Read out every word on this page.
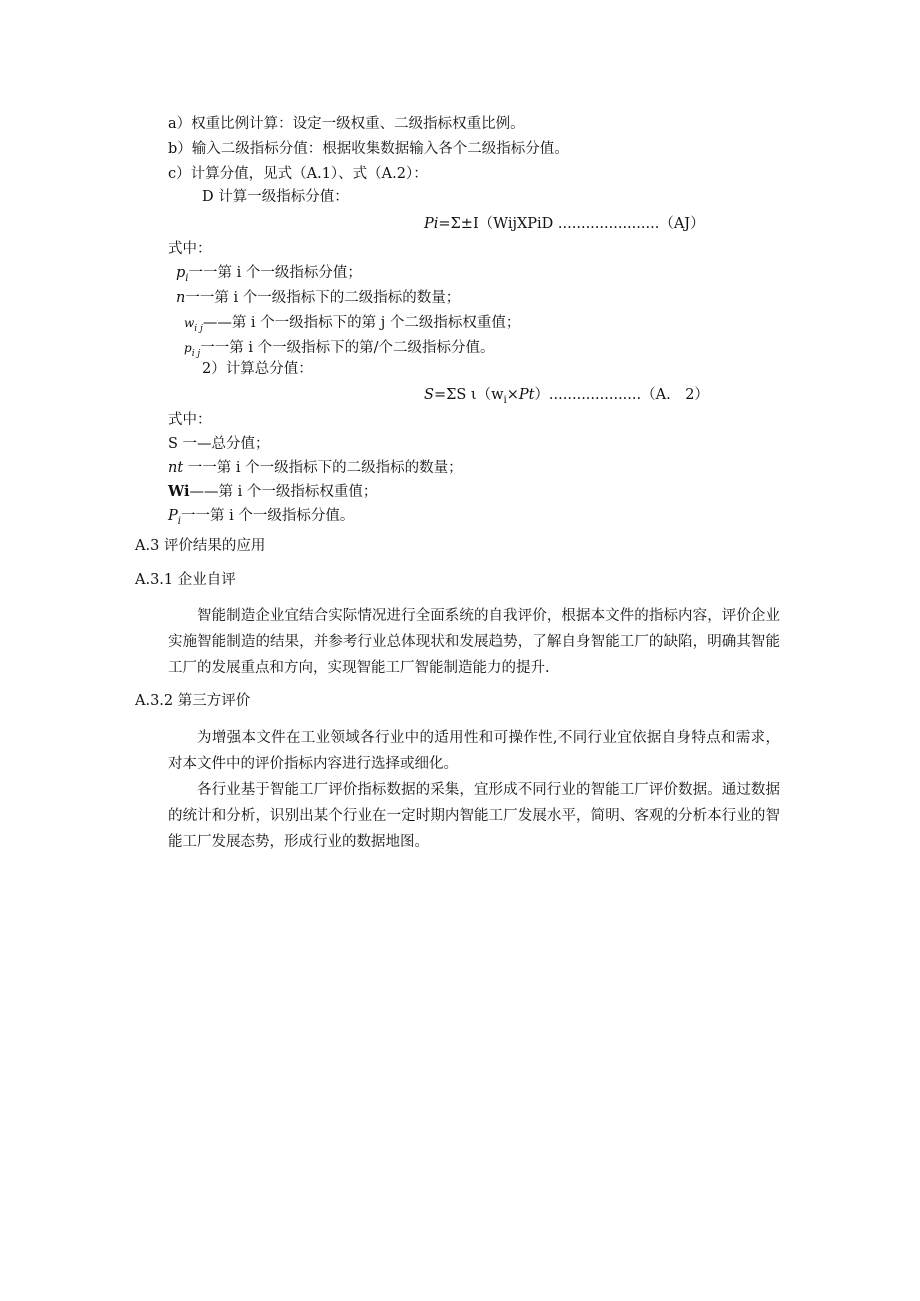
a）权重比例计算：设定一级权重、二级指标权重比例。
b）输入二级指标分值：根据收集数据输入各个二级指标分值。
c）计算分值，见式（A.1）、式（A.2）：
D 计算一级指标分值：
Pi=Σ±I（WijXPiD ......................（AJ）
式中：
$p_i$一一第 i 个一级指标分值；
n一一第 i 个一级指标下的二级指标的数量；
$w_{i j}——$第 i 个一级指标下的第 j 个二级指标权重值；
$p_{i j}$一一第 i 个一级指标下的第/个二级指标分值。
2）计算总分值：
S=ΣS $\iota(w_i\times Pt)....................(A$.　2）
式中：
S 一—总分值；
nt 一一第 i 个一级指标下的二级指标的数量；
Wi——第 i 个一级指标权重值；
$P_i$一一第 i 个一级指标分值。
A.3 评价结果的应用
A.3.1 企业自评

智能制造企业宜结合实际情况进行全面系统的自我评价，根据本文件的指标内容，评价企业实施智能制造的结果，并参考行业总体现状和发展趋势，了解自身智能工厂的缺陷，明确其智能工厂的发展重点和方向，实现智能工厂智能制造能力的提升.

A.3.2 第三方评价

为增强本文件在工业领域各行业中的适用性和可操作性,不同行业宜依据自身特点和需求，对本文件中的评价指标内容进行选择或细化。

各行业基于智能工厂评价指标数据的采集，宜形成不同行业的智能工厂评价数据。通过数据的统计和分析，识别出某个行业在一定时期内智能工厂发展水平，简明、客观的分析本行业的智能工厂发展态势，形成行业的数据地图。
